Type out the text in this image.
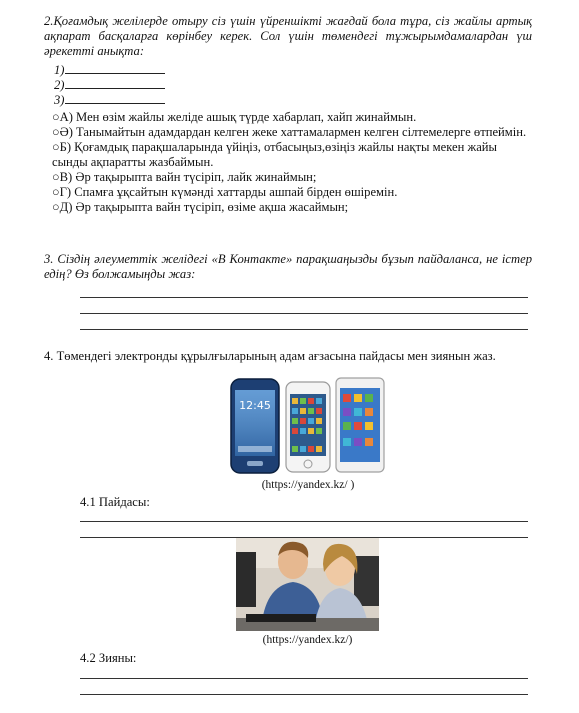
2.Қоғамдық желілерде отыру сіз үшін үйреншікті жағдай бола тұра, сіз жайлы артық ақпарат басқаларға көрінбеу керек. Сол үшін төмендегі тұжырымдамалардан үш әрекетті анықта:
1)
2)
3)
○А) Мен өзім жайлы желіде ашық түрде хабарлап, хайп жинаймын.
○Ә) Танымайтын адамдардан келген жеке хаттамалармен келген сілтемелерге өтпеймін.
○Б) Қоғамдық парақшаларында үйіңіз, отбасыңыз,өзіңіз жайлы нақты мекен жайы сынды ақпаратты жазбаймын.
○В) Әр тақырыпта вайн түсіріп, лайк жинаймын;
○Г) Спамға ұқсайтын күмәнді хаттарды ашпай бірден өшіремін.
○Д) Әр тақырыпта вайн түсіріп, өзіме ақша жасаймын;
3. Сіздің әлеуметтік желідегі «В Контакте» парақшаңызды бұзып пайдаланса, не істер едің? Өз болжамыңды жаз:
4. Төмендегі электронды құрылғыларының адам ағзасына пайдасы мен зиянын жаз.
12:45
(https://yandex.kz/ )
4.1 Пайдасы:
(https://yandex.kz/)
4.2 Зияны:
